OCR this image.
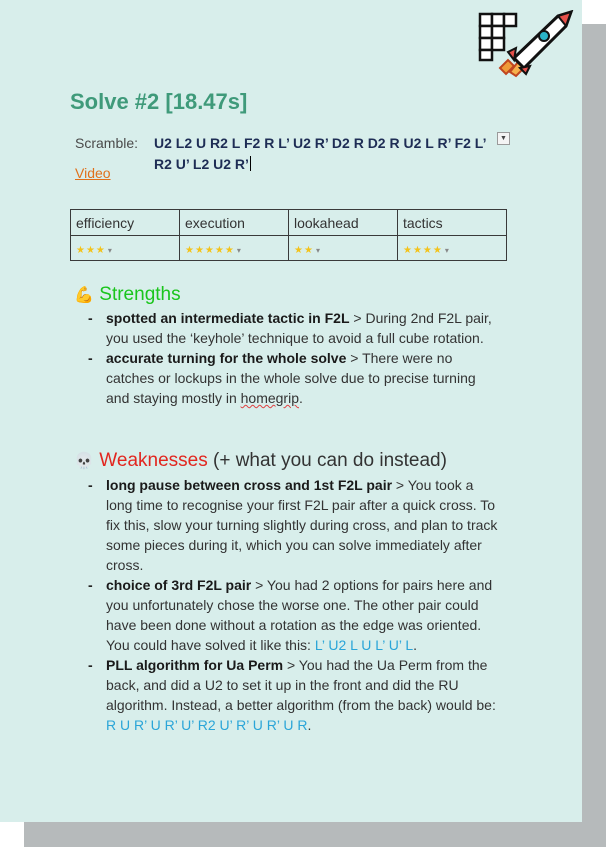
Solve #2 [18.47s]
Scramble: U2 L2 U R2 L F2 R L’ U2 R’ D2 R D2 R U2 L R’ F2 L’ R2 U’ L2 U2 R’
▼
Video
efficiency	execution	lookahead	tactics
★★★ ▾	★★★★★ ▾	★★ ▾	★★★★ ▾
💪 Strengths
- spotted an intermediate tactic in F2L > During 2nd F2L pair, you used the ‘keyhole’ technique to avoid a full cube rotation.
- accurate turning for the whole solve > There were no catches or lockups in the whole solve due to precise turning and staying mostly in homegrip.
💀 Weaknesses (+ what you can do instead)
- long pause between cross and 1st F2L pair > You took a long time to recognise your first F2L pair after a quick cross. To fix this, slow your turning slightly during cross, and plan to track some pieces during it, which you can solve immediately after cross.
- choice of 3rd F2L pair > You had 2 options for pairs here and you unfortunately chose the worse one. The other pair could have been done without a rotation as the edge was oriented. You could have solved it like this: L’ U2 L U L’ U’ L.
- PLL algorithm for Ua Perm > You had the Ua Perm from the back, and did a U2 to set it up in the front and did the RU algorithm. Instead, a better algorithm (from the back) would be: R U R’ U R’ U’ R2 U’ R’ U R’ U R.
